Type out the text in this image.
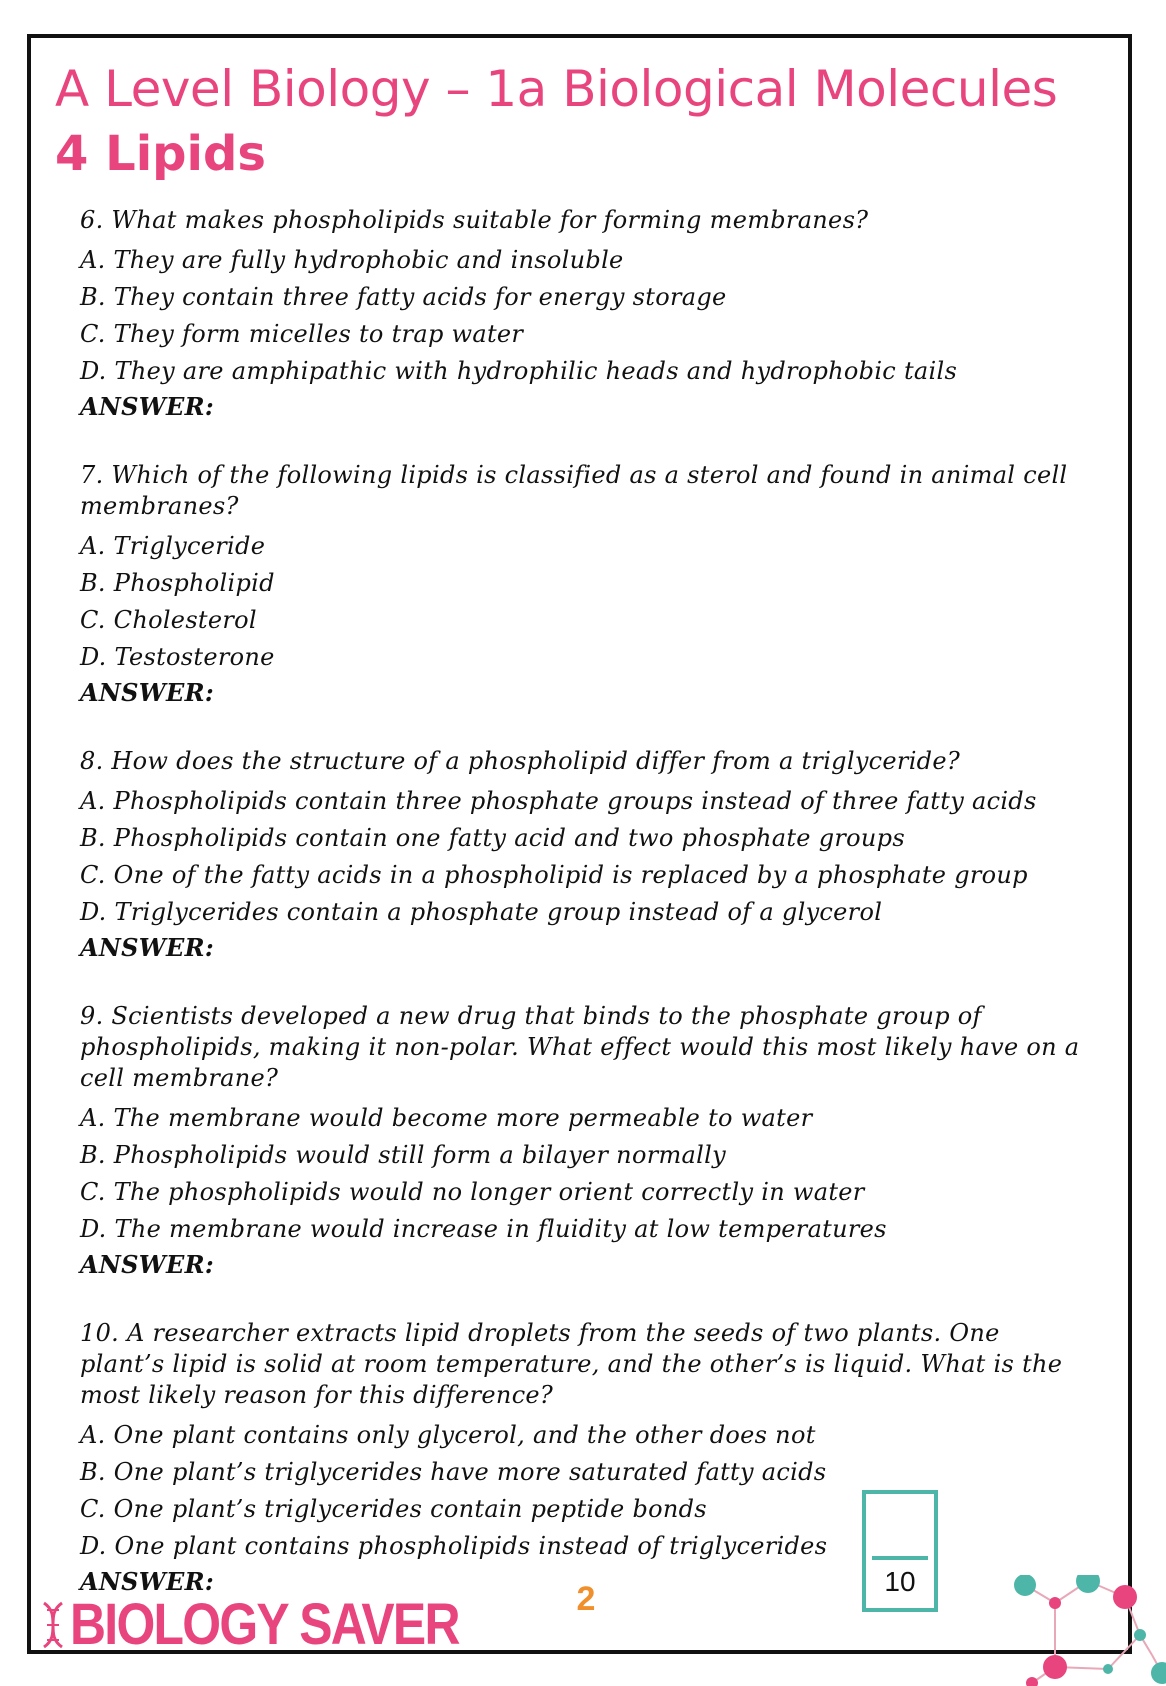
A Level Biology – 1a Biological Molecules
4 Lipids

6. What makes phospholipids suitable for forming membranes?

A. They are fully hydrophobic and insoluble

B. They contain three fatty acids for energy storage

C. They form micelles to trap water

D. They are amphipathic with hydrophilic heads and hydrophobic tails

ANSWER:

7. Which of the following lipids is classified as a sterol and found in animal cell membranes?

A. Triglyceride

B. Phospholipid

C. Cholesterol

D. Testosterone

ANSWER:

8. How does the structure of a phospholipid differ from a triglyceride?

A. Phospholipids contain three phosphate groups instead of three fatty acids

B. Phospholipids contain one fatty acid and two phosphate groups

C. One of the fatty acids in a phospholipid is replaced by a phosphate group

D. Triglycerides contain a phosphate group instead of a glycerol

ANSWER:

9. Scientists developed a new drug that binds to the phosphate group of phospholipids, making it non-polar. What effect would this most likely have on a cell membrane?

A. The membrane would become more permeable to water

B. Phospholipids would still form a bilayer normally

C. The phospholipids would no longer orient correctly in water

D. The membrane would increase in fluidity at low temperatures

ANSWER:

10. A researcher extracts lipid droplets from the seeds of two plants. One plant’s lipid is solid at room temperature, and the other’s is liquid. What is the most likely reason for this difference?

A. One plant contains only glycerol, and the other does not

B. One plant’s triglycerides have more saturated fatty acids

C. One plant’s triglycerides contain peptide bonds

D. One plant contains phospholipids instead of triglycerides

ANSWER:	10
2
BIOLOGY SAVER
